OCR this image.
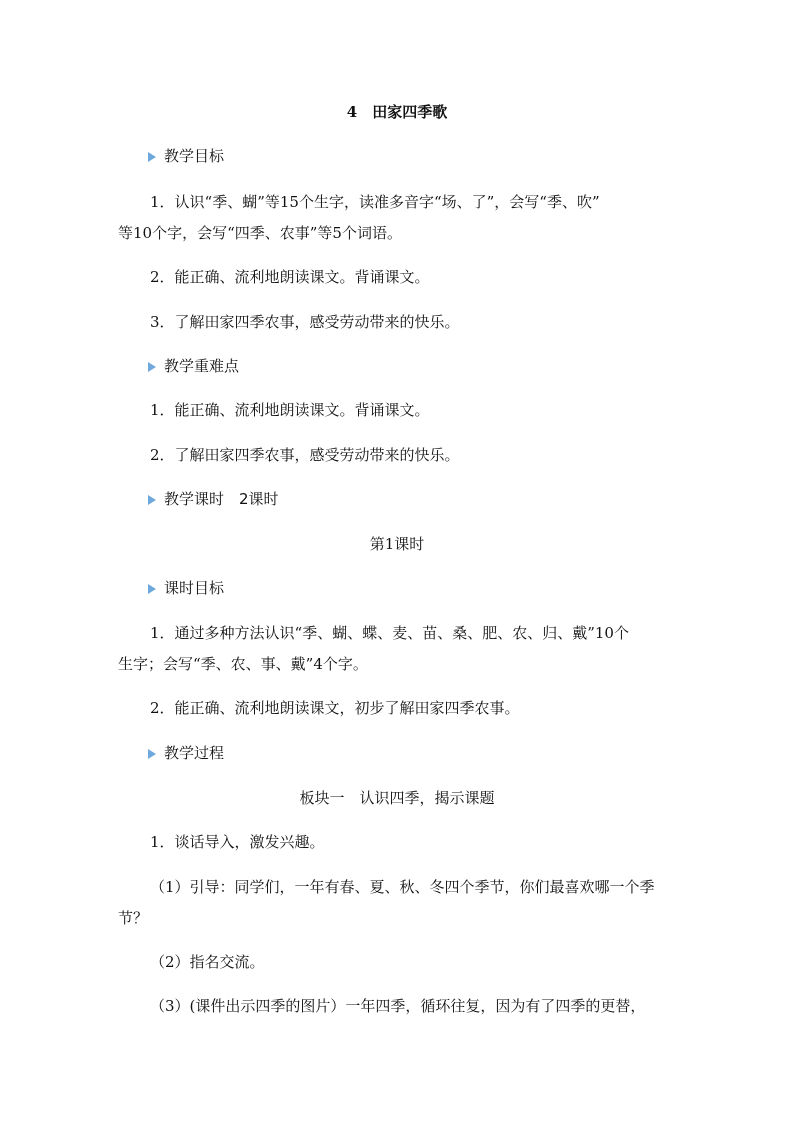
4　田家四季歌
教学目标
1．认识“季、蝴”等15个生字，读准多音字“场、了”，会写“季、吹”
等10个字，会写“四季、农事”等5个词语。
2．能正确、流利地朗读课文。背诵课文。
3．了解田家四季农事，感受劳动带来的快乐。
教学重难点
1．能正确、流利地朗读课文。背诵课文。
2．了解田家四季农事，感受劳动带来的快乐。
教学课时　2课时
第1课时
课时目标
1．通过多种方法认识“季、蝴、蝶、麦、苗、桑、肥、农、归、戴”10个
生字；会写“季、农、事、戴”4个字。
2．能正确、流利地朗读课文，初步了解田家四季农事。
教学过程
板块一　认识四季，揭示课题
1．谈话导入，激发兴趣。
（1）引导：同学们，一年有春、夏、秋、冬四个季节，你们最喜欢哪一个季
节？
（2）指名交流。
（3）(课件出示四季的图片）一年四季，循环往复，因为有了四季的更替，
